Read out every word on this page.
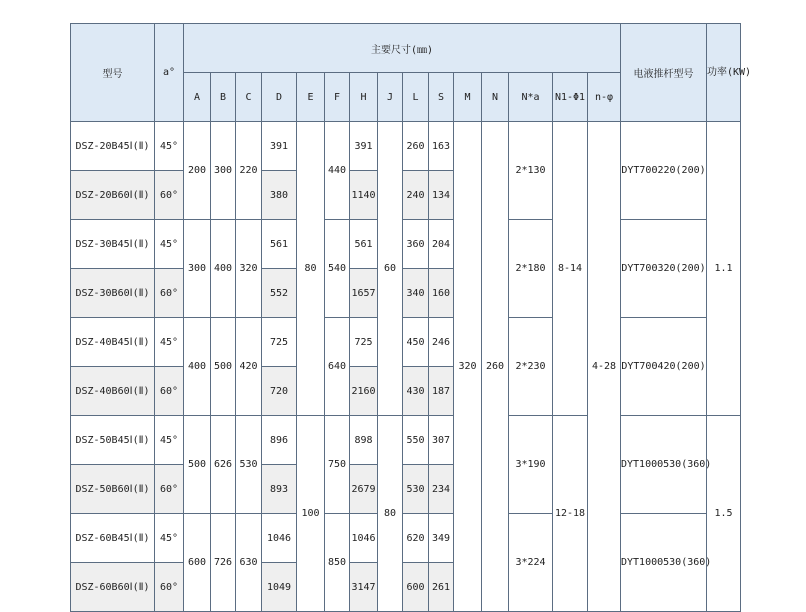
型号	a°	主要尺寸(㎜)															电液推杆型号	功率(KW)
		A	B	C	D	E	F	H	J	L	S	M	N	N*a	N1-Φ1	n-φ		
DSZ-20B45Ⅰ(Ⅱ)	45°	200	300	220	391	80	440	391	60	260	163	320	260	2*130	8-14	4-28	DYT70Θ220(200)	1.1
DSZ-20B60Ⅰ(Ⅱ)	60°				380			1140		240	134							
DSZ-30B45Ⅰ(Ⅱ)	45°	300	400	320	561		540	561		360	204			2*180			DYT70Θ320(200)	
DSZ-30B60Ⅰ(Ⅱ)	60°				552			1657		340	160							
DSZ-40B45Ⅰ(Ⅱ)	45°	400	500	420	725		640	725		450	246			2*230			DYT70Θ420(200)	
DSZ-40B60Ⅰ(Ⅱ)	60°				720			2160		430	187							
DSZ-50B45Ⅰ(Ⅱ)	45°	500	626	530	896	100	750	898	80	550	307			3*190	12-18		DYT100Θ530(360)	1.5
DSZ-50B60Ⅰ(Ⅱ)	60°				893			2679		530	234							
DSZ-60B45Ⅰ(Ⅱ)	45°	600	726	630	1046		850	1046		620	349			3*224			DYT100Θ530(360)	
DSZ-60B60Ⅰ(Ⅱ)	60°				1049			3147		600	261							
